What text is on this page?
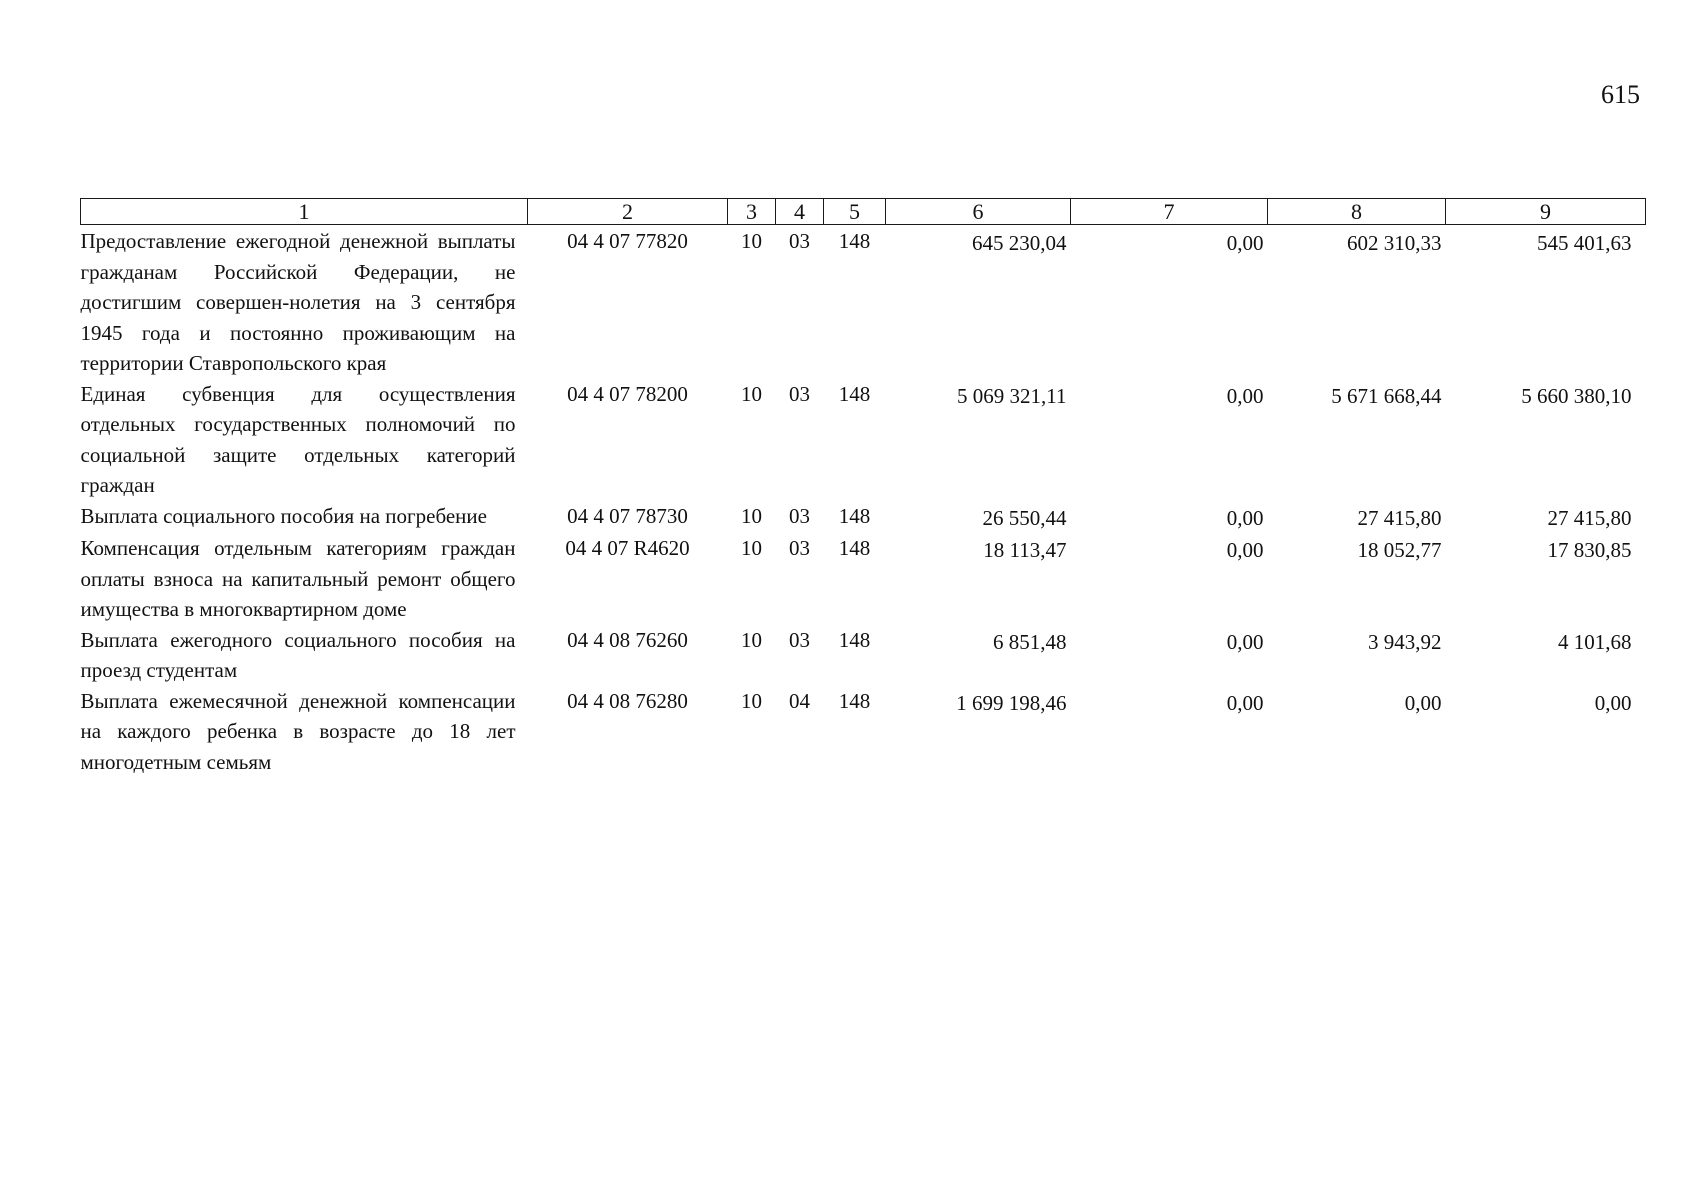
615
1	2	3	4	5	6	7	8	9
Предоставление ежегодной денежной выплаты гражданам Российской Федерации, не достигшим совершен-нолетия на 3 сентября 1945 года и постоянно проживающим на территории Ставропольского края	04 4 07 77820	10	03	148	645 230,04	0,00	602 310,33	545 401,63
Единая субвенция для осуществления отдельных государственных полномочий по социальной защите отдельных категорий граждан	04 4 07 78200	10	03	148	5 069 321,11	0,00	5 671 668,44	5 660 380,10
Выплата социального пособия на погребение	04 4 07 78730	10	03	148	26 550,44	0,00	27 415,80	27 415,80
Компенсация отдельным категориям граждан оплаты взноса на капитальный ремонт общего имущества в многоквартирном доме	04 4 07 R4620	10	03	148	18 113,47	0,00	18 052,77	17 830,85
Выплата ежегодного социального пособия на проезд студентам	04 4 08 76260	10	03	148	6 851,48	0,00	3 943,92	4 101,68
Выплата ежемесячной денежной компенсации на каждого ребенка в возрасте до 18 лет многодетным семьям	04 4 08 76280	10	04	148	1 699 198,46	0,00	0,00	0,00
